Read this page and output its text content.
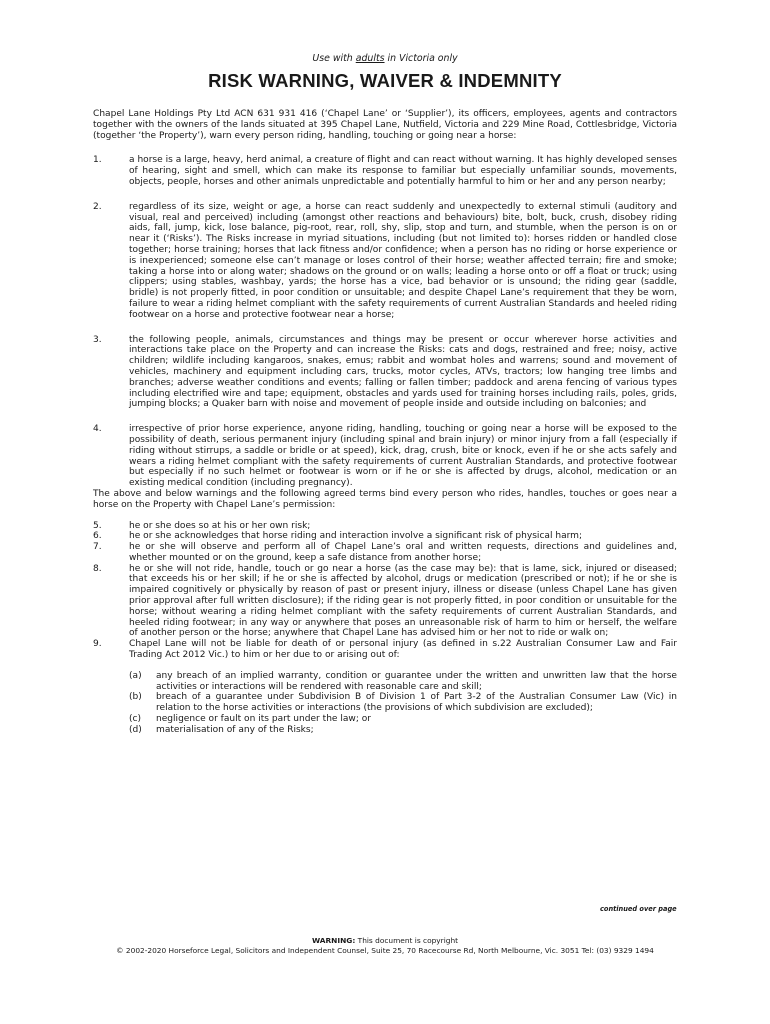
Use with adults in Victoria only
RISK WARNING, WAIVER & INDEMNITY

Chapel Lane Holdings Pty Ltd ACN 631 931 416 (‘Chapel Lane’ or ‘Supplier’), its officers, employees, agents and contractors together with the owners of the lands situated at 395 Chapel Lane, Nutfield, Victoria and 229 Mine Road, Cottlesbridge, Victoria (together ‘the Property’), warn every person riding, handling, touching or going near a horse:

1.	a horse is a large, heavy, herd animal, a creature of flight and can react without warning. It has highly developed senses of hearing, sight and smell, which can make its response to familiar but especially unfamiliar sounds, movements, objects, people, horses and other animals unpredictable and potentially harmful to him or her and any person nearby;
2.	regardless of its size, weight or age, a horse can react suddenly and unexpectedly to external stimuli (auditory and visual, real and perceived) including (amongst other reactions and behaviours) bite, bolt, buck, crush, disobey riding aids, fall, jump, kick, lose balance, pig-root, rear, roll, shy, slip, stop and turn, and stumble, when the person is on or near it (‘Risks’). The Risks increase in myriad situations, including (but not limited to): horses ridden or handled close together; horse training; horses that lack fitness and/or confidence; when a person has no riding or horse experience or is inexperienced; someone else can’t manage or loses control of their horse; weather affected terrain; fire and smoke; taking a horse into or along water; shadows on the ground or on walls; leading a horse onto or off a float or truck; using clippers; using stables, washbay, yards; the horse has a vice, bad behavior or is unsound; the riding gear (saddle, bridle) is not properly fitted, in poor condition or unsuitable; and despite Chapel Lane’s requirement that they be worn, failure to wear a riding helmet compliant with the safety requirements of current Australian Standards and heeled riding footwear on a horse and protective footwear near a horse;
3.	the following people, animals, circumstances and things may be present or occur wherever horse activities and interactions take place on the Property and can increase the Risks: cats and dogs, restrained and free; noisy, active children; wildlife including kangaroos, snakes, emus; rabbit and wombat holes and warrens; sound and movement of vehicles, machinery and equipment including cars, trucks, motor cycles, ATVs, tractors; low hanging tree limbs and branches; adverse weather conditions and events; falling or fallen timber; paddock and arena fencing of various types including electrified wire and tape; equipment, obstacles and yards used for training horses including rails, poles, grids, jumping blocks; a Quaker barn with noise and movement of people inside and outside including on balconies; and
4.	irrespective of prior horse experience, anyone riding, handling, touching or going near a horse will be exposed to the possibility of death, serious permanent injury (including spinal and brain injury) or minor injury from a fall (especially if riding without stirrups, a saddle or bridle or at speed), kick, drag, crush, bite or knock, even if he or she acts safely and wears a riding helmet compliant with the safety requirements of current Australian Standards, and protective footwear but especially if no such helmet or footwear is worn or if he or she is affected by drugs, alcohol, medication or an existing medical condition (including pregnancy).

The above and below warnings and the following agreed terms bind every person who rides, handles, touches or goes near a horse on the Property with Chapel Lane’s permission:

5.	he or she does so at his or her own risk;
6.	he or she acknowledges that horse riding and interaction involve a significant risk of physical harm;
7.	he or she will observe and perform all of Chapel Lane’s oral and written requests, directions and guidelines and, whether mounted or on the ground, keep a safe distance from another horse;
8.	he or she will not ride, handle, touch or go near a horse (as the case may be): that is lame, sick, injured or diseased; that exceeds his or her skill; if he or she is affected by alcohol, drugs or medication (prescribed or not); if he or she is impaired cognitively or physically by reason of past or present injury, illness or disease (unless Chapel Lane has given prior approval after full written disclosure); if the riding gear is not properly fitted, in poor condition or unsuitable for the horse; without wearing a riding helmet compliant with the safety requirements of current Australian Standards, and heeled riding footwear; in any way or anywhere that poses an unreasonable risk of harm to him or herself, the welfare of another person or the horse; anywhere that Chapel Lane has advised him or her not to ride or walk on;
9.	Chapel Lane will not be liable for death of or personal injury (as defined in s.22 Australian Consumer Law and Fair Trading Act 2012 Vic.) to him or her due to or arising out of:
(a)	any breach of an implied warranty, condition or guarantee under the written and unwritten law that the horse activities or interactions will be rendered with reasonable care and skill;
(b)	breach of a guarantee under Subdivision B of Division 1 of Part 3-2 of the Australian Consumer Law (Vic) in relation to the horse activities or interactions (the provisions of which subdivision are excluded);
(c)	negligence or fault on its part under the law; or
(d)	materialisation of any of the Risks;
continued over page
WARNING: This document is copyright
© 2002-2020 Horseforce Legal, Solicitors and Independent Counsel, Suite 25, 70 Racecourse Rd, North Melbourne, Vic. 3051 Tel: (03) 9329 1494
